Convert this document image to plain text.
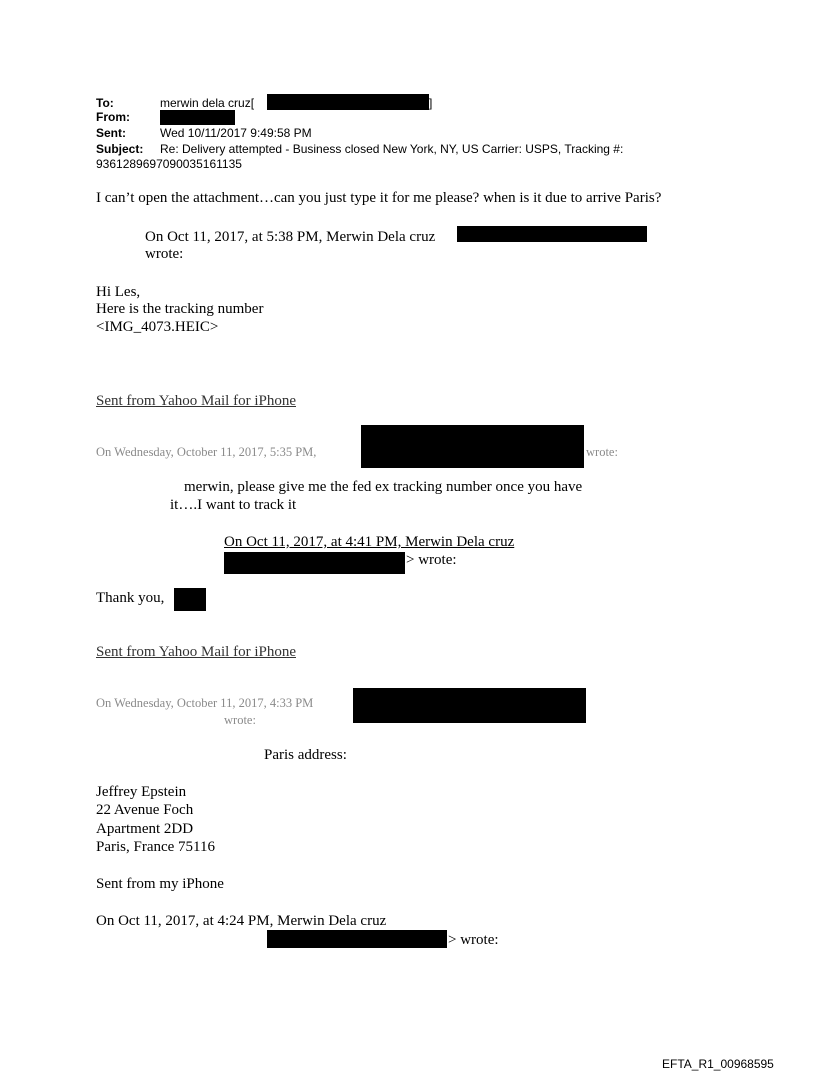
To:	merwin dela cruz[	]
From:
Sent:	Wed 10/11/2017 9:49:58 PM
Subject: Re: Delivery attempted - Business closed New York, NY, US Carrier: USPS, Tracking #:
9361289697090035161135
I can’t open the attachment…can you just type it for me please? when is it due to arrive Paris?
On Oct 11, 2017, at 5:38 PM, Merwin Dela cruz
wrote:
Hi Les,
Here is the tracking number
<IMG_4073.HEIC>
Sent from Yahoo Mail for iPhone
On Wednesday, October 11, 2017, 5:35 PM,	wrote:
merwin, please give me the fed ex tracking number once you have
it….I want to track it
On Oct 11, 2017, at 4:41 PM, Merwin Dela cruz
> wrote:
Thank you,
Sent from Yahoo Mail for iPhone
On Wednesday, October 11, 2017, 4:33 PM
wrote:
Paris address:
Jeffrey Epstein
22 Avenue Foch
Apartment 2DD
Paris, France 75116
Sent from my iPhone
On Oct 11, 2017, at 4:24 PM, Merwin Dela cruz
> wrote:
EFTA_R1_00968595
